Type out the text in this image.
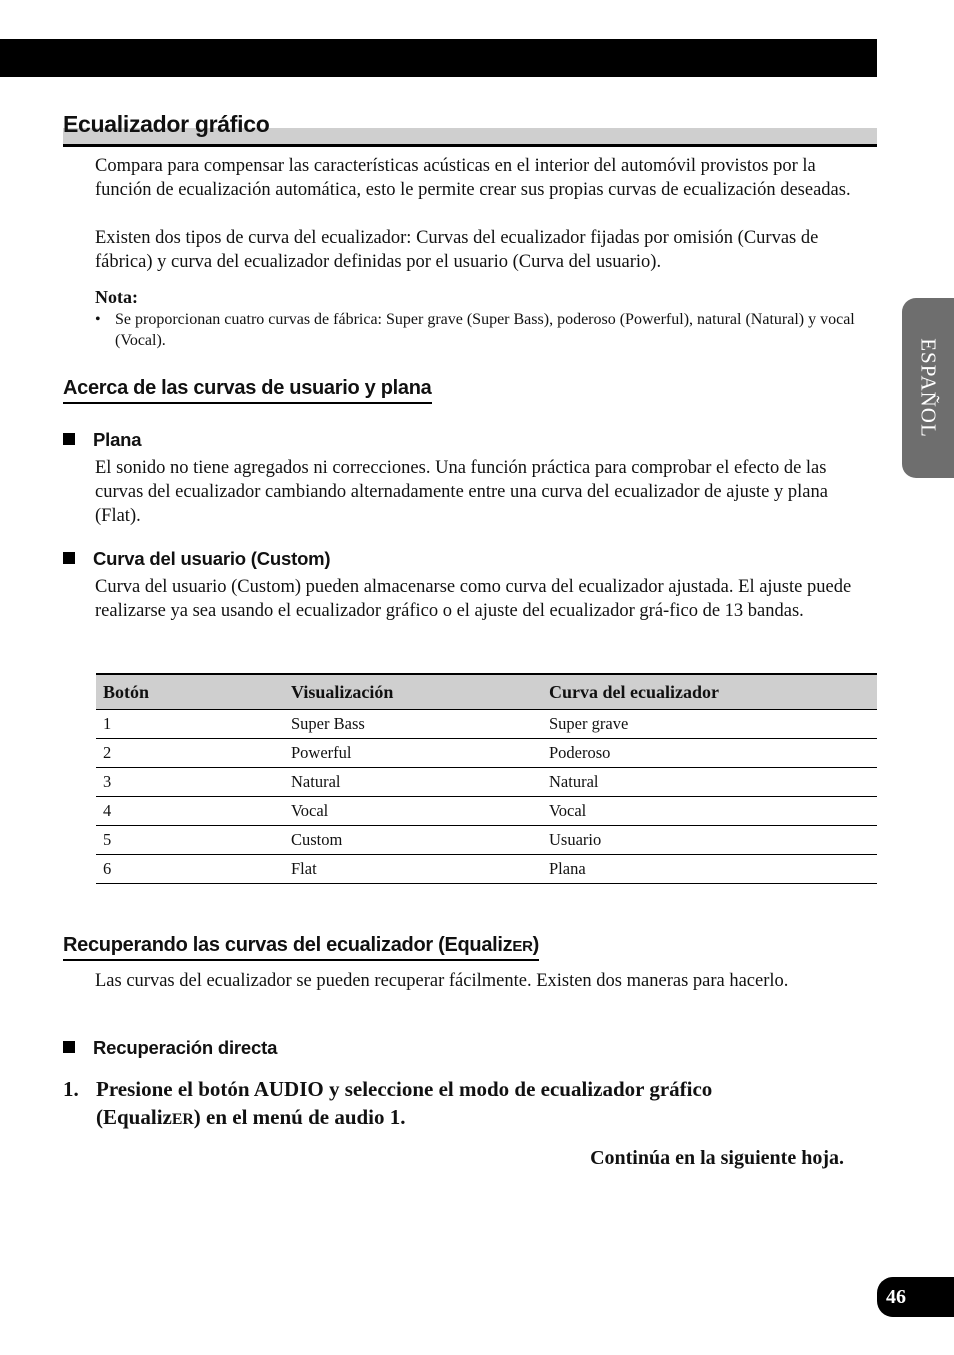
Ecualizador gráfico

Compara para compensar las características acústicas en el interior del automóvil provistos por la función de ecualización automática, esto le permite crear sus propias curvas de ecualización deseadas.

Existen dos tipos de curva del ecualizador: Curvas del ecualizador fijadas por omisión (Curvas de fábrica) y curva del ecualizador definidas por el usuario (Curva del usuario).

Nota:
• Se proporcionan cuatro curvas de fábrica: Super grave (Super Bass), poderoso (Powerful), natural (Natural) y vocal (Vocal).
Acerca de las curvas de usuario y plana
Plana

El sonido no tiene agregados ni correcciones. Una función práctica para comprobar el efecto de las curvas del ecualizador cambiando alternadamente entre una curva del ecualizador de ajuste y plana (Flat).

Curva del usuario (Custom)

Curva del usuario (Custom) pueden almacenarse como curva del ecualizador ajustada. El ajuste puede realizarse ya sea usando el ecualizador gráfico o el ajuste del ecualizador grá-fico de 13 bandas.

Botón	Visualización	Curva del ecualizador
1	Super Bass	Super grave
2	Powerful	Poderoso
3	Natural	Natural
4	Vocal	Vocal
5	Custom	Usuario
6	Flat	Plana
Recuperando las curvas del ecualizador (EqualizER)

Las curvas del ecualizador se pueden recuperar fácilmente. Existen dos maneras para hacerlo.

Recuperación directa
1. Presione el botón AUDIO y seleccione el modo de ecualizador gráfico
(EqualizER) en el menú de audio 1.
Continúa en la siguiente hoja.
ESPAÑOL
46
